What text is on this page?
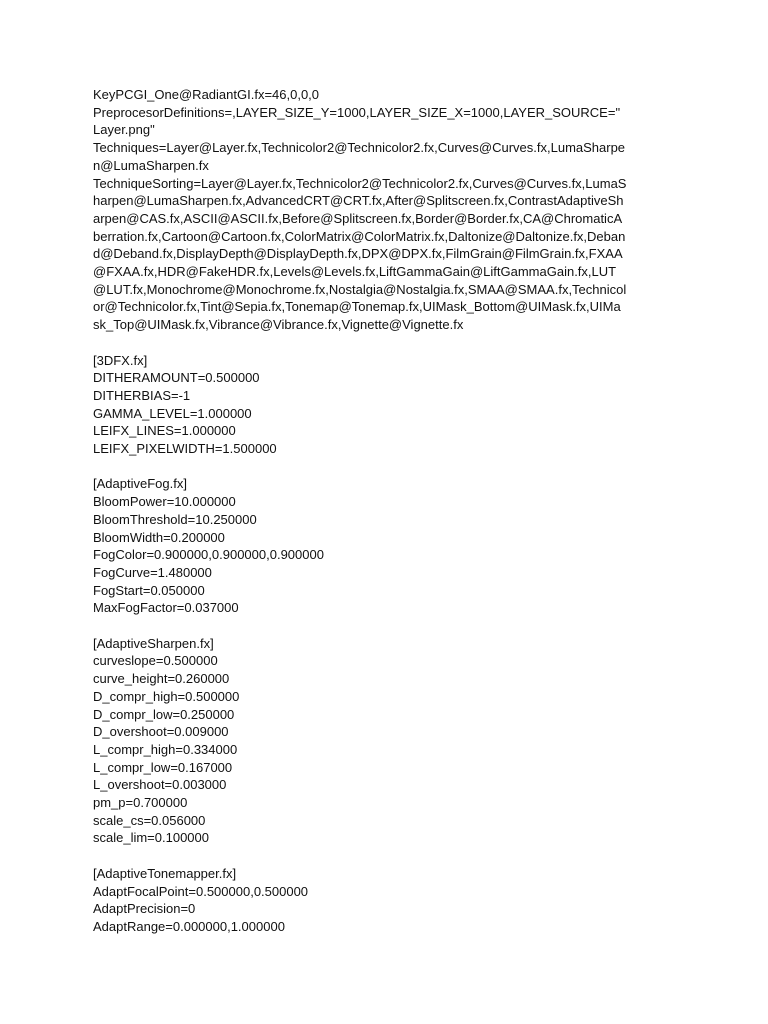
KeyPCGI_One@RadiantGI.fx=46,0,0,0
PreprocesorDefinitions=,LAYER_SIZE_Y=1000,LAYER_SIZE_X=1000,LAYER_SOURCE="
Layer.png"
Techniques=Layer@Layer.fx,Technicolor2@Technicolor2.fx,Curves@Curves.fx,LumaSharpe
n@LumaSharpen.fx
TechniqueSorting=Layer@Layer.fx,Technicolor2@Technicolor2.fx,Curves@Curves.fx,LumaS
harpen@LumaSharpen.fx,AdvancedCRT@CRT.fx,After@Splitscreen.fx,ContrastAdaptiveSh
arpen@CAS.fx,ASCII@ASCII.fx,Before@Splitscreen.fx,Border@Border.fx,CA@ChromaticA
berration.fx,Cartoon@Cartoon.fx,ColorMatrix@ColorMatrix.fx,Daltonize@Daltonize.fx,Deban
d@Deband.fx,DisplayDepth@DisplayDepth.fx,DPX@DPX.fx,FilmGrain@FilmGrain.fx,FXAA
@FXAA.fx,HDR@FakeHDR.fx,Levels@Levels.fx,LiftGammaGain@LiftGammaGain.fx,LUT
@LUT.fx,Monochrome@Monochrome.fx,Nostalgia@Nostalgia.fx,SMAA@SMAA.fx,Technicol
or@Technicolor.fx,Tint@Sepia.fx,Tonemap@Tonemap.fx,UIMask_Bottom@UIMask.fx,UIMa
sk_Top@UIMask.fx,Vibrance@Vibrance.fx,Vignette@Vignette.fx
[3DFX.fx]
DITHERAMOUNT=0.500000
DITHERBIAS=-1
GAMMA_LEVEL=1.000000
LEIFX_LINES=1.000000
LEIFX_PIXELWIDTH=1.500000
[AdaptiveFog.fx]
BloomPower=10.000000
BloomThreshold=10.250000
BloomWidth=0.200000
FogColor=0.900000,0.900000,0.900000
FogCurve=1.480000
FogStart=0.050000
MaxFogFactor=0.037000
[AdaptiveSharpen.fx]
curveslope=0.500000
curve_height=0.260000
D_compr_high=0.500000
D_compr_low=0.250000
D_overshoot=0.009000
L_compr_high=0.334000
L_compr_low=0.167000
L_overshoot=0.003000
pm_p=0.700000
scale_cs=0.056000
scale_lim=0.100000
[AdaptiveTonemapper.fx]
AdaptFocalPoint=0.500000,0.500000
AdaptPrecision=0
AdaptRange=0.000000,1.000000
